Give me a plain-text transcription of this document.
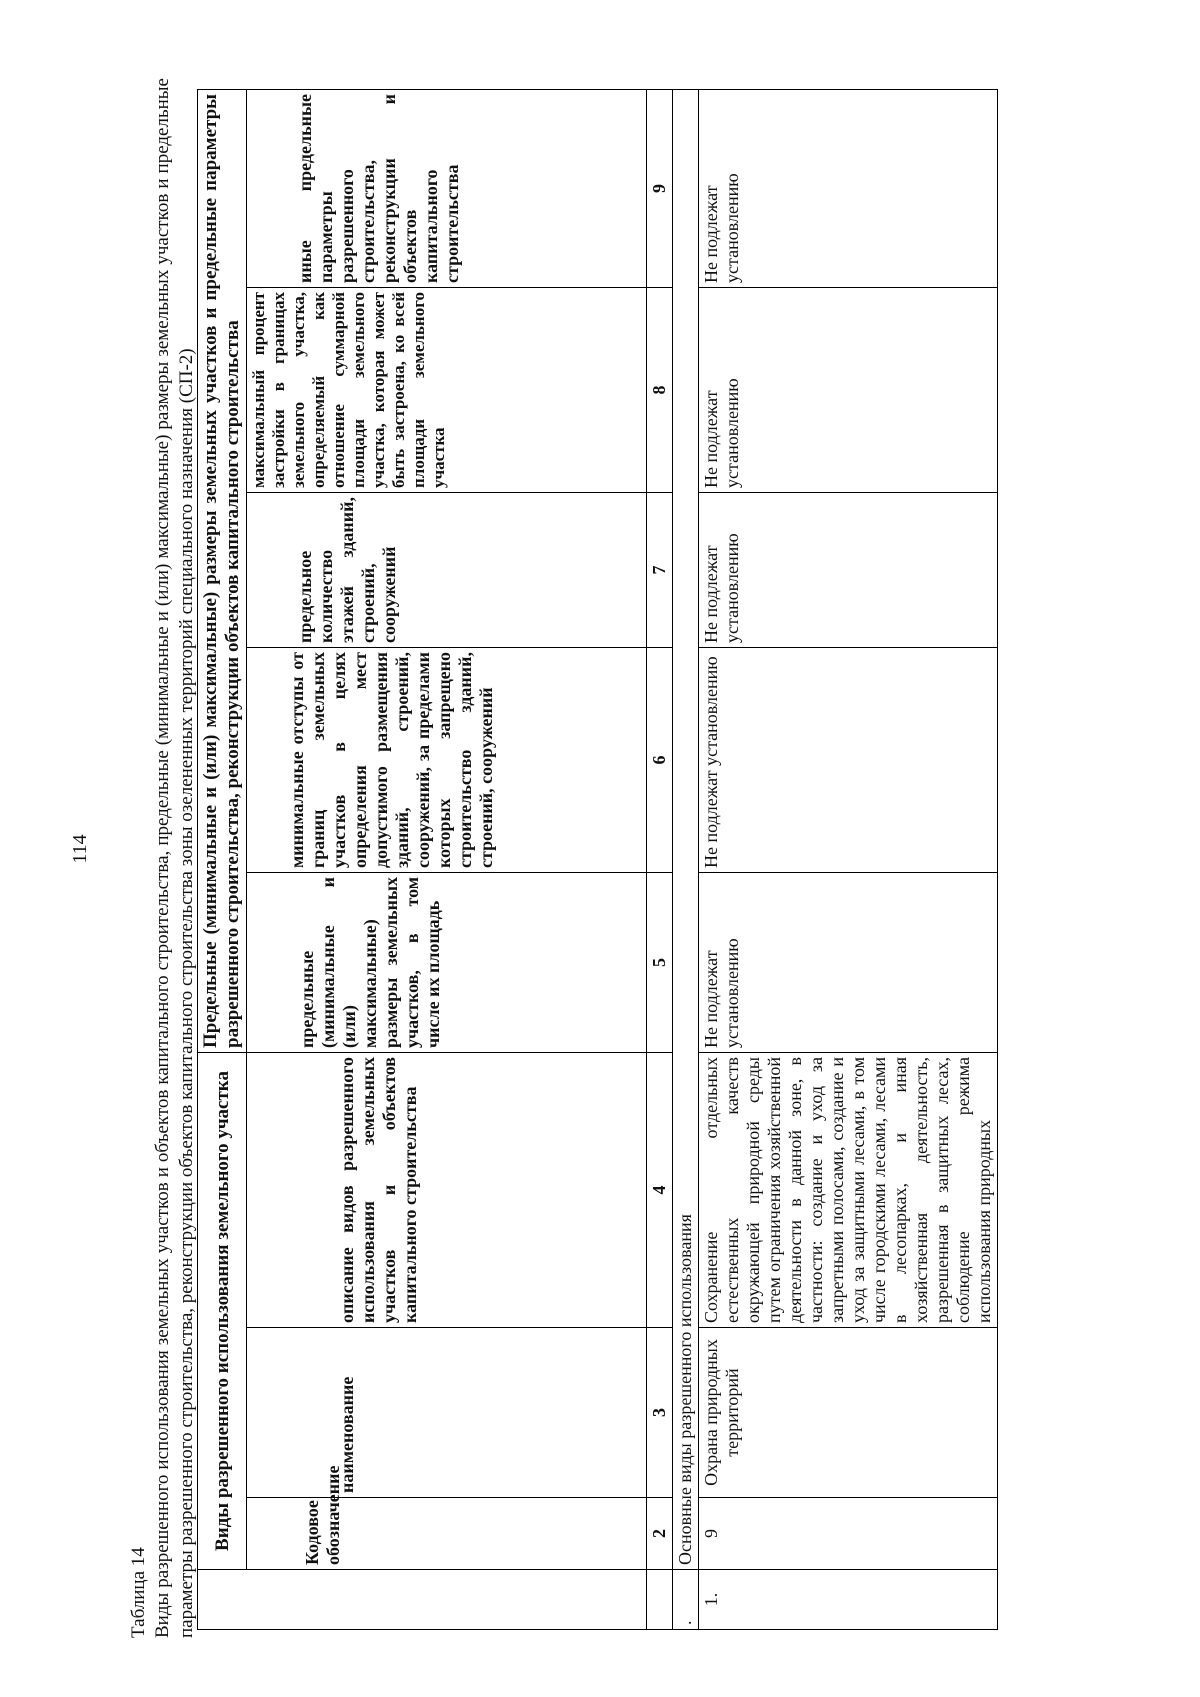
114

Таблица 14 Виды разрешенного использования земельных участков и объектов капитального строительства, предельные (минимальные и (или) максимальные) размеры земельных участков и предельные параметры разрешенного строительства, реконструкции объектов капитального строительства зоны озелененных территорий специального назначения (СП-2)

	Виды разрешенного использования земельного участка			Предельные (минимальные и (или) максимальные) размеры земельных участков и предельные параметры разрешенного строительства, реконструкции объектов капитального строительства				
	Кодовое обозначение	наименование	описание видов разрешенного использования земельных участков и объектов капитального строительства	предельные (минимальные и (или) максимальные) размеры земельных участков, в том числе их площадь	минимальные отступы от границ земельных участков в целях определения мест допустимого размещения зданий, строений, сооружений, за пределами которых запрещено строительство зданий, строений, сооружений	предельное количество этажей зданий, строений, сооружений	максимальный процент застройки в границах земельного участка, определяемый как отношение суммарной площади земельного участка, которая может быть застроена, ко всей площади земельного участка	иные предельные параметры разрешенного строительства, реконструкции и объектов капитального строительства
	2	3	4	5	6	7	8	9
.	Основные виды разрешенного использования							
1.	9	Охрана природных территорий	Сохранение отдельных естественных качеств окружающей природной среды путем ограничения хозяйственной деятельности в данной зоне, в частности: создание и уход за запретными полосами, создание и уход за защитными лесами, в том числе городскими лесами, лесами в лесопарках, и иная хозяйственная деятельность, разрешенная в защитных лесах, соблюдение режима использования природных	Не подлежат установлению	Не подлежат установлению	Не подлежат установлению	Не подлежат установлению	Не подлежат установлению
